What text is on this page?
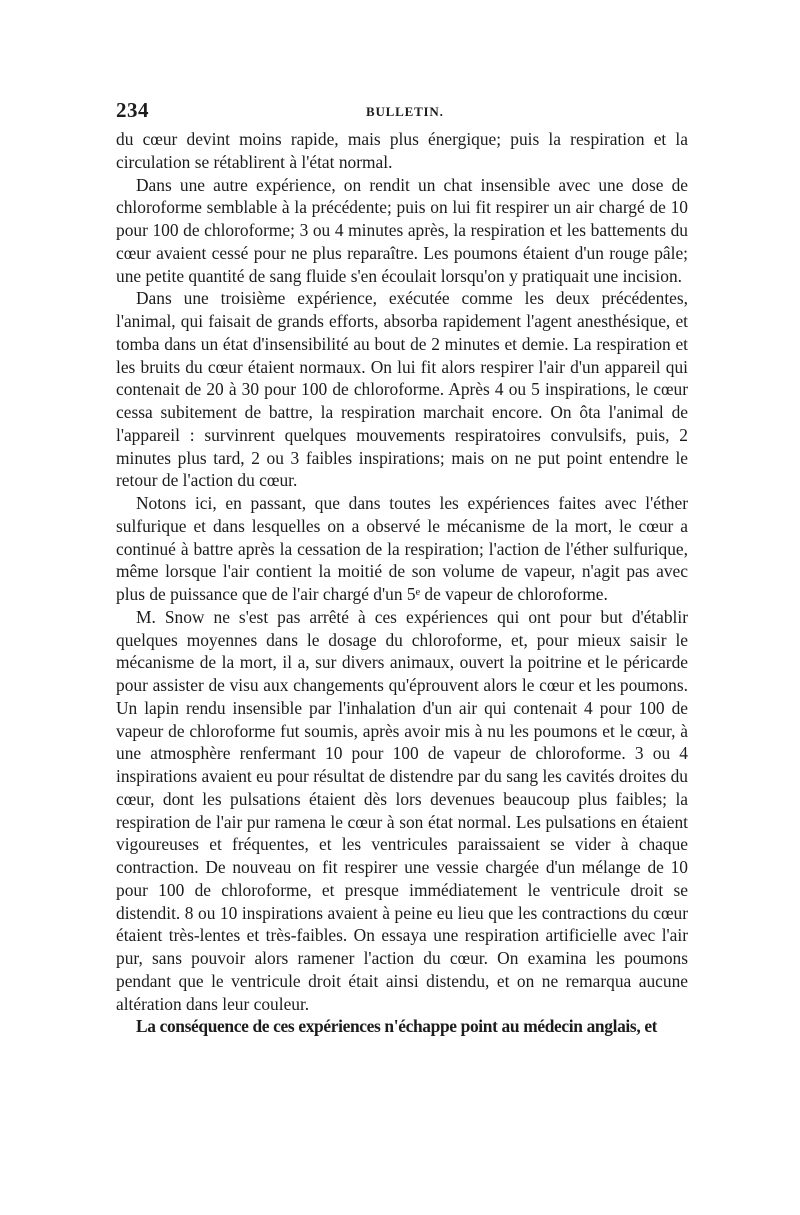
234	BULLETIN.

du cœur devint moins rapide, mais plus énergique; puis la respiration et la circulation se rétablirent à l'état normal.

Dans une autre expérience, on rendit un chat insensible avec une dose de chloroforme semblable à la précédente; puis on lui fit respirer un air chargé de 10 pour 100 de chloroforme; 3 ou 4 minutes après, la respiration et les battements du cœur avaient cessé pour ne plus reparaître. Les poumons étaient d'un rouge pâle; une petite quantité de sang fluide s'en écoulait lorsqu'on y pratiquait une incision.

Dans une troisième expérience, exécutée comme les deux précédentes, l'animal, qui faisait de grands efforts, absorba rapidement l'agent anesthésique, et tomba dans un état d'insensibilité au bout de 2 minutes et demie. La respiration et les bruits du cœur étaient normaux. On lui fit alors respirer l'air d'un appareil qui contenait de 20 à 30 pour 100 de chloroforme. Après 4 ou 5 inspirations, le cœur cessa subitement de battre, la respiration marchait encore. On ôta l'animal de l'appareil : survinrent quelques mouvements respiratoires convulsifs, puis, 2 minutes plus tard, 2 ou 3 faibles inspirations; mais on ne put point entendre le retour de l'action du cœur.

Notons ici, en passant, que dans toutes les expériences faites avec l'éther sulfurique et dans lesquelles on a observé le mécanisme de la mort, le cœur a continué à battre après la cessation de la respiration; l'action de l'éther sulfurique, même lorsque l'air contient la moitié de son volume de vapeur, n'agit pas avec plus de puissance que de l'air chargé d'un 5ᵉ de vapeur de chloroforme.

M. Snow ne s'est pas arrêté à ces expériences qui ont pour but d'établir quelques moyennes dans le dosage du chloroforme, et, pour mieux saisir le mécanisme de la mort, il a, sur divers animaux, ouvert la poitrine et le péricarde pour assister de visu aux changements qu'éprouvent alors le cœur et les poumons. Un lapin rendu insensible par l'inhalation d'un air qui contenait 4 pour 100 de vapeur de chloroforme fut soumis, après avoir mis à nu les poumons et le cœur, à une atmosphère renfermant 10 pour 100 de vapeur de chloroforme. 3 ou 4 inspirations avaient eu pour résultat de distendre par du sang les cavités droites du cœur, dont les pulsations étaient dès lors devenues beaucoup plus faibles; la respiration de l'air pur ramena le cœur à son état normal. Les pulsations en étaient vigoureuses et fréquentes, et les ventricules paraissaient se vider à chaque contraction. De nouveau on fit respirer une vessie chargée d'un mélange de 10 pour 100 de chloroforme, et presque immédiatement le ventricule droit se distendit. 8 ou 10 inspirations avaient à peine eu lieu que les contractions du cœur étaient très-lentes et très-faibles. On essaya une respiration artificielle avec l'air pur, sans pouvoir alors ramener l'action du cœur. On examina les poumons pendant que le ventricule droit était ainsi distendu, et on ne remarqua aucune altération dans leur couleur.

La conséquence de ces expériences n'échappe point au médecin anglais, et
